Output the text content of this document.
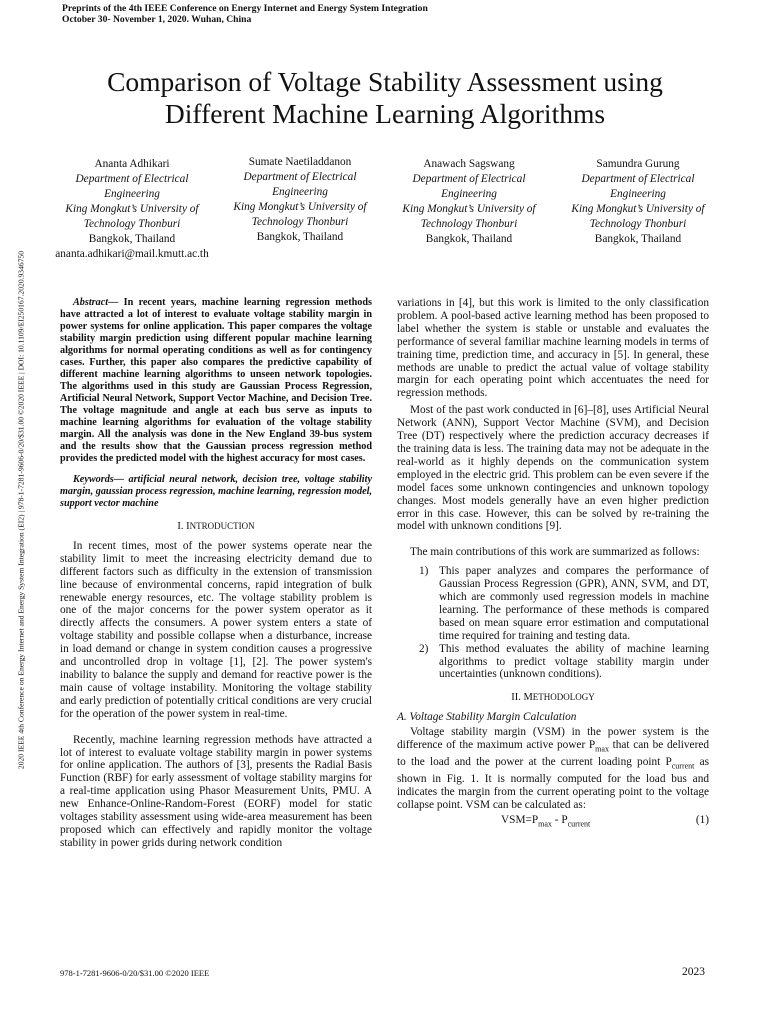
Preprints of the 4th IEEE Conference on Energy Internet and Energy System Integration
October 30- November 1, 2020. Wuhan, China
Comparison of Voltage Stability Assessment using
Different Machine Learning Algorithms
Ananta Adhikari
Department of Electrical Engineering
King Mongkut’s University of Technology Thonburi
Bangkok, Thailand
ananta.adhikari@mail.kmutt.ac.th
Sumate Naetiladdanon
Department of Electrical Engineering
King Mongkut’s University of Technology Thonburi
Bangkok, Thailand
Anawach Sagswang
Department of Electrical Engineering
King Mongkut’s University of Technology Thonburi
Bangkok, Thailand
Samundra Gurung
Department of Electrical Engineering
King Mongkut’s University of Technology Thonburi
Bangkok, Thailand
2020 IEEE 4th Conference on Energy Internet and Energy System Integration (EI2) | 978-1-7281-9606-0/20/$31.00 ©2020 IEEE | DOI: 10.1109/EI250167.2020.9346750	Abstract— In recent years, machine learning regression methods have attracted a lot of interest to evaluate voltage stability margin in power systems for online application. This paper compares the voltage stability margin prediction using different popular machine learning algorithms for normal operating conditions as well as for contingency cases. Further, this paper also compares the predictive capability of different machine learning algorithms to unseen network topologies. The algorithms used in this study are Gaussian Process Regression, Artificial Neural Network, Support Vector Machine, and Decision Tree. The voltage magnitude and angle at each bus serve as inputs to machine learning algorithms for evaluation of the voltage stability margin. All the analysis was done in the New England 39-bus system and the results show that the Gaussian process regression method provides the predicted model with the highest accuracy for most cases.

Keywords— artificial neural network, decision tree, voltage stability margin, gaussian process regression, machine learning, regression model, support vector machine

I. INTRODUCTION

In recent times, most of the power systems operate near the stability limit to meet the increasing electricity demand due to different factors such as difficulty in the extension of transmission line because of environmental concerns, rapid integration of bulk renewable energy resources, etc. The voltage stability problem is one of the major concerns for the power system operator as it directly affects the consumers. A power system enters a state of voltage stability and possible collapse when a disturbance, increase in load demand or change in system condition causes a progressive and uncontrolled drop in voltage [1], [2]. The power system's inability to balance the supply and demand for reactive power is the main cause of voltage instability. Monitoring the voltage stability and early prediction of potentially critical conditions are very crucial for the operation of the power system in real-time.

Recently, machine learning regression methods have attracted a lot of interest to evaluate voltage stability margin in power systems for online application. The authors of [3], presents the Radial Basis Function (RBF) for early assessment of voltage stability margins for a real-time application using Phasor Measurement Units, PMU. A new Enhance-Online-Random-Forest (EORF) model for static voltages stability assessment using wide-area measurement has been proposed which can effectively and rapidly monitor the voltage stability in power grids during network condition

variations in [4], but this work is limited to the only classification problem. A pool-based active learning method has been proposed to label whether the system is stable or unstable and evaluates the performance of several familiar machine learning models in terms of training time, prediction time, and accuracy in [5]. In general, these methods are unable to predict the actual value of voltage stability margin for each operating point which accentuates the need for regression methods.

Most of the past work conducted in [6]–[8], uses Artificial Neural Network (ANN), Support Vector Machine (SVM), and Decision Tree (DT) respectively where the prediction accuracy decreases if the training data is less. The training data may not be adequate in the real-world as it highly depends on the communication system employed in the electric grid. This problem can be even severe if the model faces some unknown contingencies and unknown topology changes. Most models generally have an even higher prediction error in this case. However, this can be solved by re-training the model with unknown conditions [9].

The main contributions of this work are summarized as follows:

1) This paper analyzes and compares the performance of Gaussian Process Regression (GPR), ANN, SVM, and DT, which are commonly used regression models in machine learning. The performance of these methods is compared based on mean square error estimation and computational time required for training and testing data.
2) This method evaluates the ability of machine learning algorithms to predict voltage stability margin under uncertainties (unknown conditions).
II. METHODOLOGY
A. Voltage Stability Margin Calculation

Voltage stability margin (VSM) in the power system is the difference of the maximum active power $P_{max}$ that can be delivered to the load and the power at the current loading point $P_{current}$ as shown in Fig. 1. It is normally computed for the load bus and indicates the margin from the current operating point to the voltage collapse point. VSM can be calculated as:

$VSM=P_{max} - P_{current}$	(1)
978-1-7281-9606-0/20/$31.00 ©2020 IEEE	2023
